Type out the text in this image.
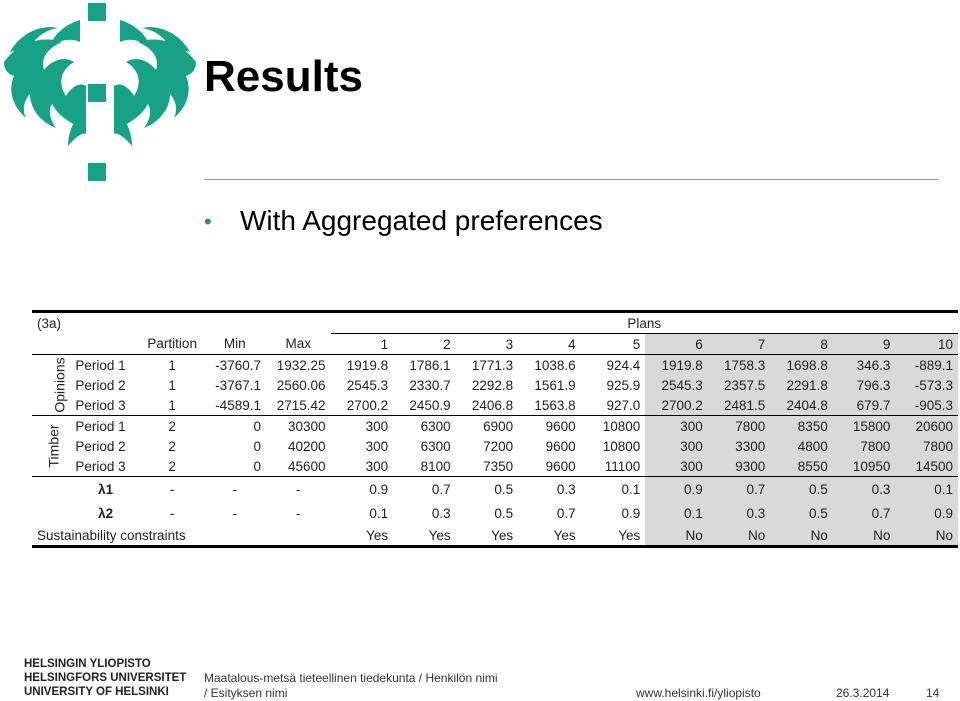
Results
• With Aggregated preferences
(3a)					Plans									
		Partition	Min	Max	1	2	3	4	5	6	7	8	9	10
Opinions	Period 1	1	-3760.7	1932.25	1919.8	1786.1	1771.3	1038.6	924.4	1919.8	1758.3	1698.8	346.3	-889.1
	Period 2	1	-3767.1	2560.06	2545.3	2330.7	2292.8	1561.9	925.9	2545.3	2357.5	2291.8	796.3	-573.3
	Period 3	1	-4589.1	2715.42	2700.2	2450.9	2406.8	1563.8	927.0	2700.2	2481.5	2404.8	679.7	-905.3
Timber	Period 1	2	0	30300	300	6300	6900	9600	10800	300	7800	8350	15800	20600
	Period 2	2	0	40200	300	6300	7200	9600	10800	300	3300	4800	7800	7800
	Period 3	2	0	45600	300	8100	7350	9600	11100	300	9300	8550	10950	14500
	λ1	-	-	-	0.9	0.7	0.5	0.3	0.1	0.9	0.7	0.5	0.3	0.1
	λ2	-	-	-	0.1	0.3	0.5	0.7	0.9	0.1	0.3	0.5	0.7	0.9
Sustainability constraints					Yes	Yes	Yes	Yes	Yes	No	No	No	No	No
HELSINGIN YLIOPISTO
HELSINGFORS UNIVERSITET
UNIVERSITY OF HELSINKI
Maatalous-metsä tieteellinen tiedekunta / Henkilön nimi / Esityksen nimi	www.helsinki.fi/yliopisto	26.3.2014	14
